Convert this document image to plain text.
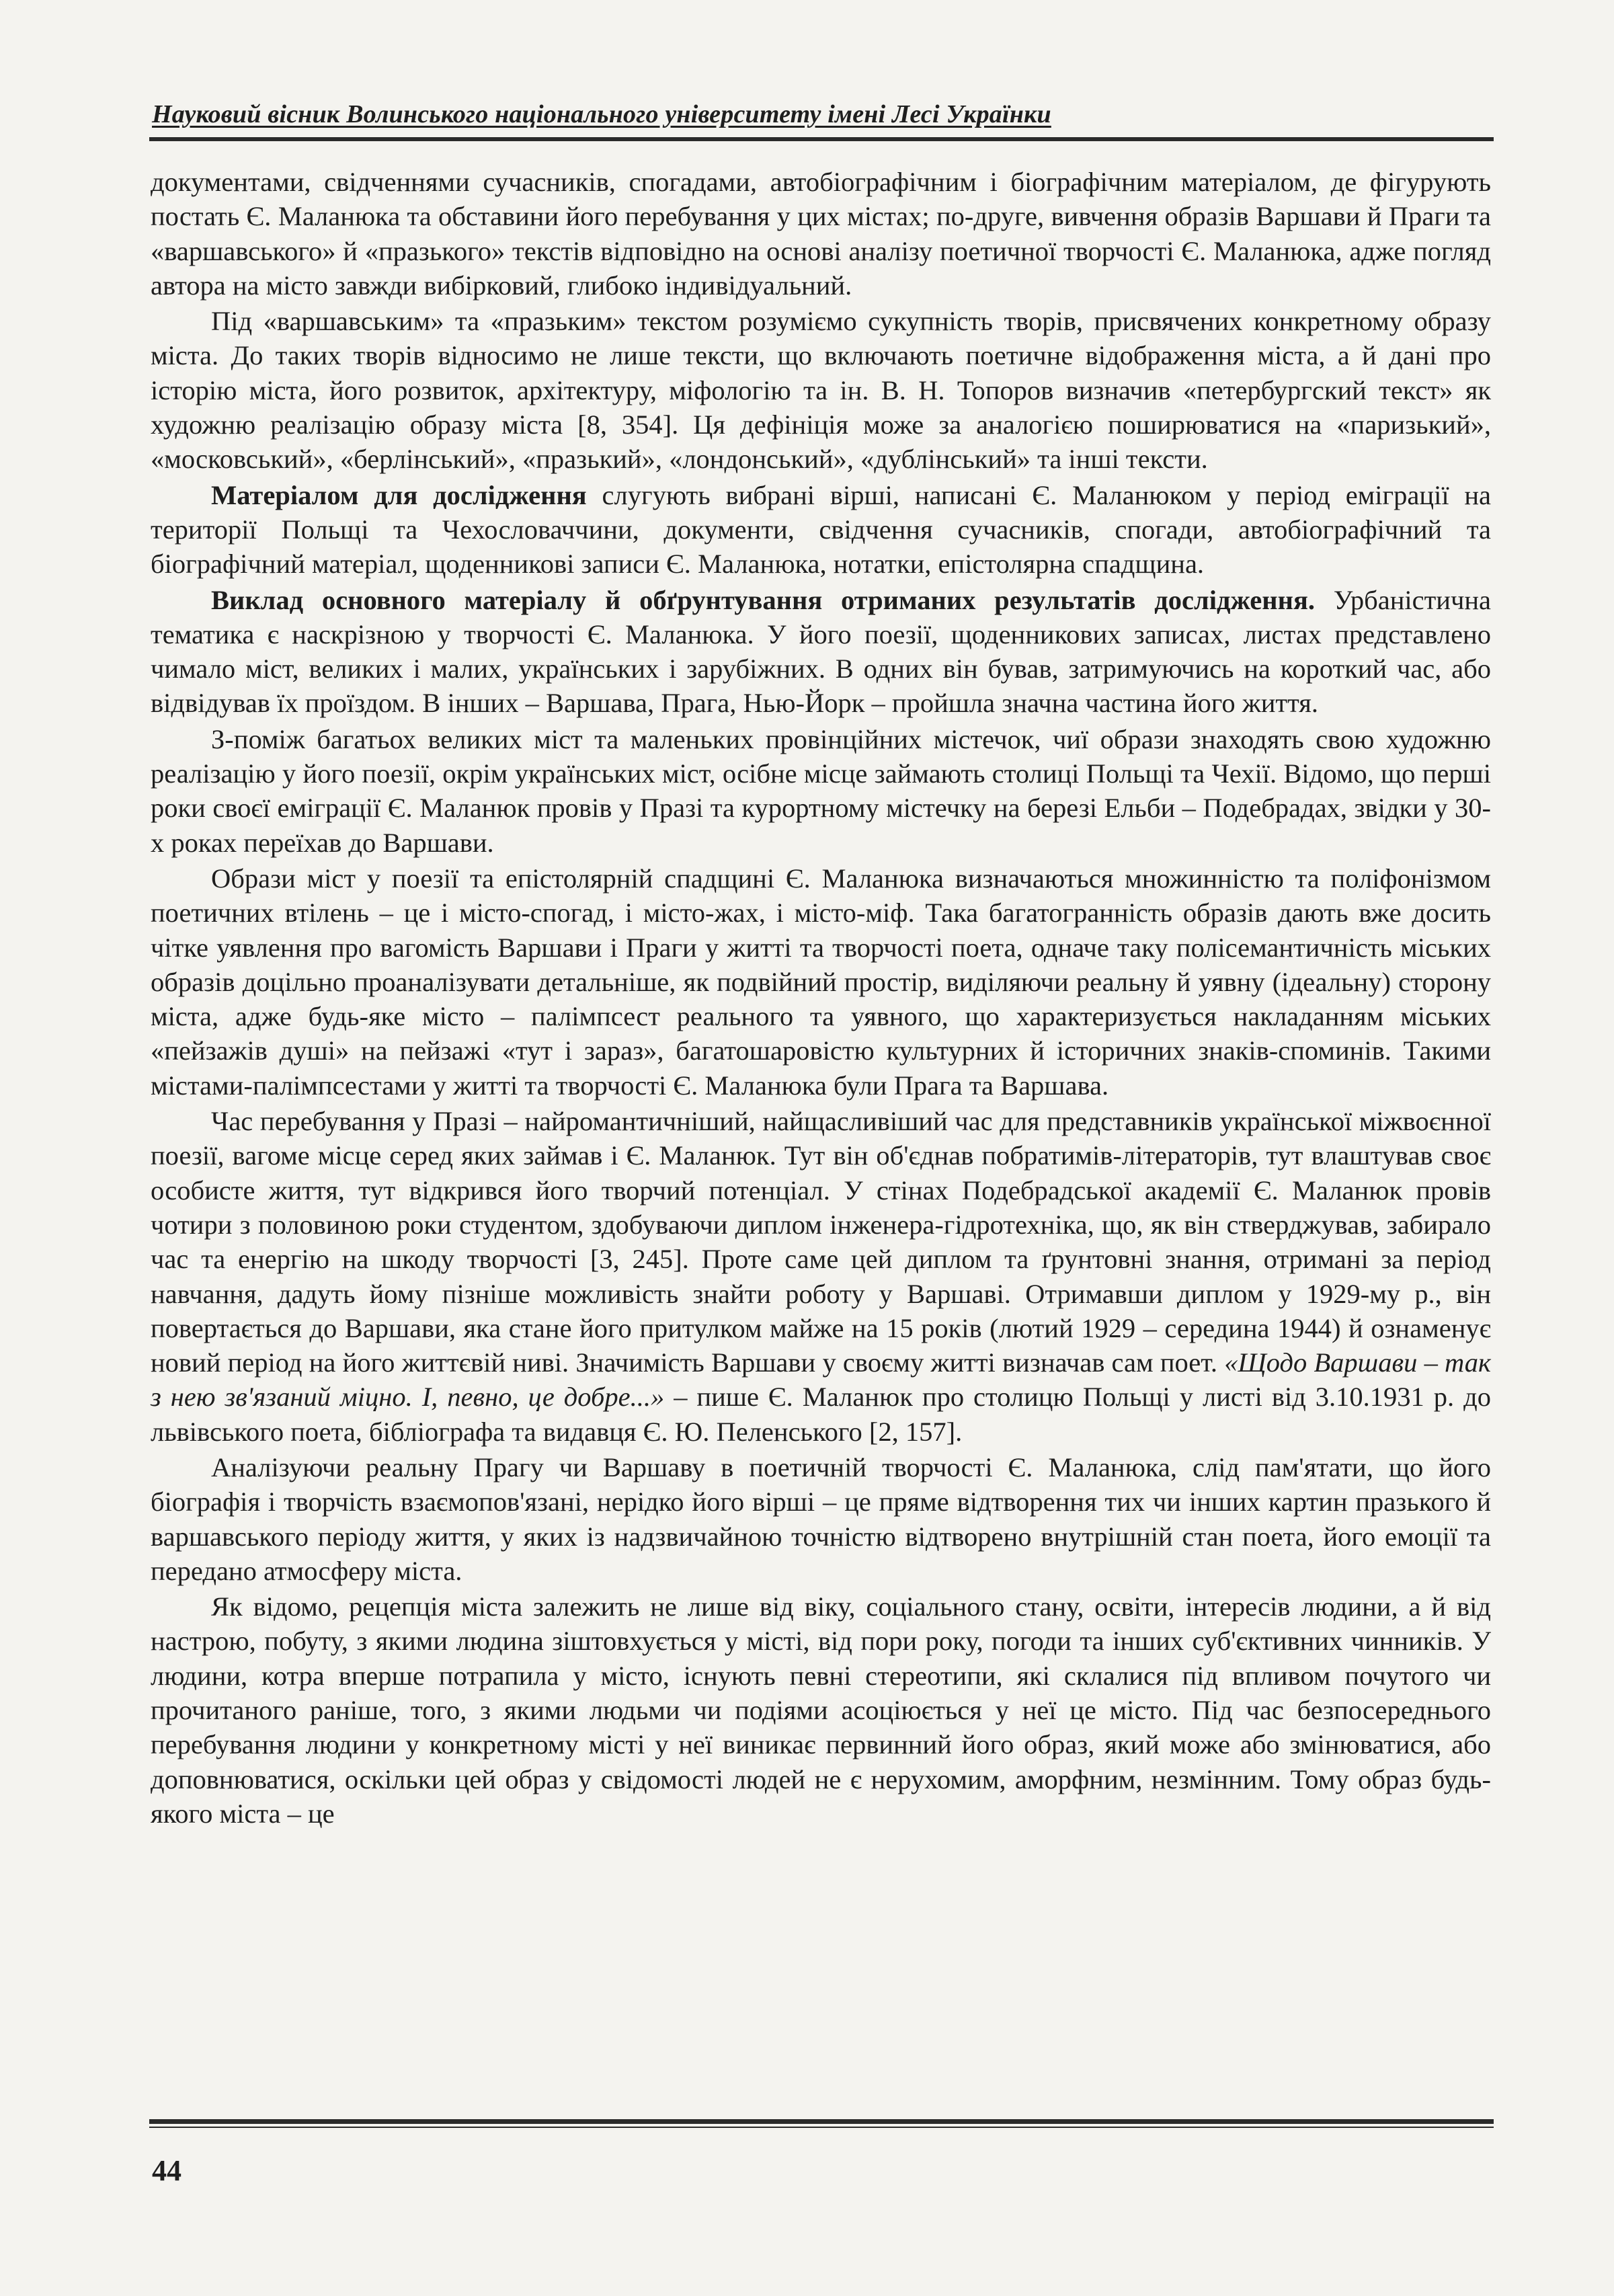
Науковий вісник Волинського національного університету імені Лесі Українки

документами, свідченнями сучасників, спогадами, автобіографічним і біографічним матеріалом, де фігурують постать Є. Маланюка та обставини його перебування у цих містах; по-друге, вивчення образів Варшави й Праги та «варшавського» й «празького» текстів відповідно на основі аналізу поетичної творчості Є. Маланюка, адже погляд автора на місто завжди вибірковий, глибоко індивідуальний.

Під «варшавським» та «празьким» текстом розуміємо сукупність творів, присвячених конкретному образу міста. До таких творів відносимо не лише тексти, що включають поетичне відображення міста, а й дані про історію міста, його розвиток, архітектуру, міфологію та ін. В. Н. Топоров визначив «петербургский текст» як художню реалізацію образу міста [8, 354]. Ця дефініція може за аналогією поширюватися на «паризький», «московський», «берлінський», «празький», «лондонський», «дублінський» та інші тексти.

Матеріалом для дослідження слугують вибрані вірші, написані Є. Маланюком у період еміграції на території Польщі та Чехословаччини, документи, свідчення сучасників, спогади, автобіографічний та біографічний матеріал, щоденникові записи Є. Маланюка, нотатки, епістолярна спадщина.

Виклад основного матеріалу й обґрунтування отриманих результатів дослідження. Урбаністична тематика є наскрізною у творчості Є. Маланюка. У його поезії, щоденникових записах, листах представлено чимало міст, великих і малих, українських і зарубіжних. В одних він бував, затримуючись на короткий час, або відвідував їх проїздом. В інших – Варшава, Прага, Нью-Йорк – пройшла значна частина його життя.

З-поміж багатьох великих міст та маленьких провінційних містечок, чиї образи знаходять свою художню реалізацію у його поезії, окрім українських міст, осібне місце займають столиці Польщі та Чехії. Відомо, що перші роки своєї еміграції Є. Маланюк провів у Празі та курортному містечку на березі Ельби – Подебрадах, звідки у 30-х роках переїхав до Варшави.

Образи міст у поезії та епістолярній спадщині Є. Маланюка визначаються множинністю та поліфонізмом поетичних втілень – це і місто-спогад, і місто-жах, і місто-міф. Така багатогранність образів дають вже досить чітке уявлення про вагомість Варшави і Праги у житті та творчості поета, одначе таку полісемантичність міських образів доцільно проаналізувати детальніше, як подвійний простір, виділяючи реальну й уявну (ідеальну) сторону міста, адже будь-яке місто – палімпсест реального та уявного, що характеризується накладанням міських «пейзажів душі» на пейзажі «тут і зараз», багатошаровістю культурних й історичних знаків-споминів. Такими містами-палімпсестами у житті та творчості Є. Маланюка були Прага та Варшава.

Час перебування у Празі – найромантичніший, найщасливіший час для представників української міжвоєнної поезії, вагоме місце серед яких займав і Є. Маланюк. Тут він об'єднав побратимів-літераторів, тут влаштував своє особисте життя, тут відкрився його творчий потенціал. У стінах Подебрадської академії Є. Маланюк провів чотири з половиною роки студентом, здобуваючи диплом інженера-гідротехніка, що, як він стверджував, забирало час та енергію на шкоду творчості [3, 245]. Проте саме цей диплом та ґрунтовні знання, отримані за період навчання, дадуть йому пізніше можливість знайти роботу у Варшаві. Отримавши диплом у 1929-му р., він повертається до Варшави, яка стане його притулком майже на 15 років (лютий 1929 – середина 1944) й ознаменує новий період на його життєвій ниві. Значимість Варшави у своєму житті визначав сам поет. «Щодо Варшави – так з нею зв'язаний міцно. І, певно, це добре...» – пише Є. Маланюк про столицю Польщі у листі від 3.10.1931 р. до львівського поета, бібліографа та видавця Є. Ю. Пеленського [2, 157].

Аналізуючи реальну Прагу чи Варшаву в поетичній творчості Є. Маланюка, слід пам'ятати, що його біографія і творчість взаємопов'язані, нерідко його вірші – це пряме відтворення тих чи інших картин празького й варшавського періоду життя, у яких із надзвичайною точністю відтворено внутрішній стан поета, його емоції та передано атмосферу міста.

Як відомо, рецепція міста залежить не лише від віку, соціального стану, освіти, інтересів людини, а й від настрою, побуту, з якими людина зіштовхується у місті, від пори року, погоди та інших суб'єктивних чинників. У людини, котра вперше потрапила у місто, існують певні стереотипи, які склалися під впливом почутого чи прочитаного раніше, того, з якими людьми чи подіями асоціюється у неї це місто. Під час безпосереднього перебування людини у конкретному місті у неї виникає первинний його образ, який може або змінюватися, або доповнюватися, оскільки цей образ у свідомості людей не є нерухомим, аморфним, незмінним. Тому образ будь-якого міста – це

44
